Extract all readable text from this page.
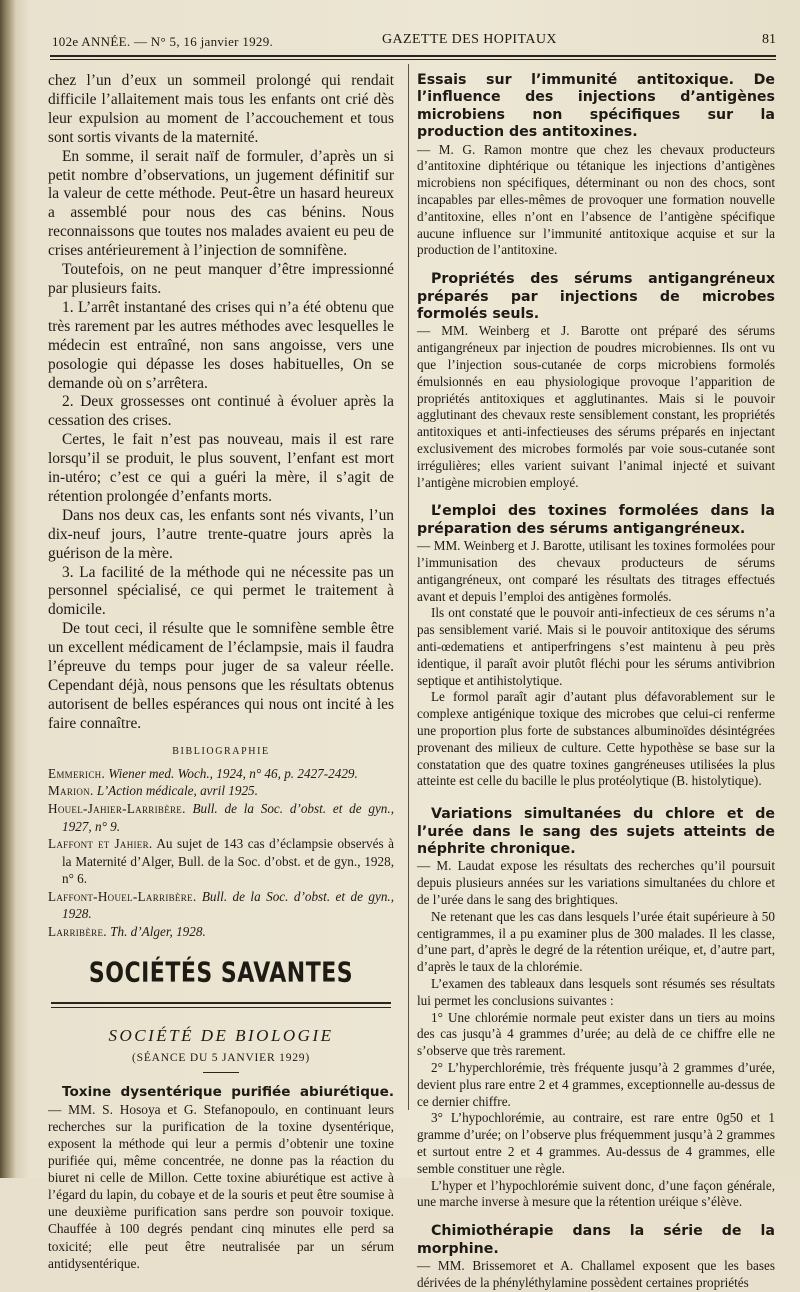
102e ANNÉE. — N° 5, 16 janvier 1929.	GAZETTE DES HOPITAUX	81

chez l’un d’eux un sommeil prolongé qui rendait difficile l’allaitement mais tous les enfants ont crié dès leur expulsion au moment de l’accouchement et tous sont sortis vivants de la maternité.

En somme, il serait naïf de formuler, d’après un si petit nombre d’observations, un jugement définitif sur la valeur de cette méthode. Peut-être un hasard heureux a assemblé pour nous des cas bénins. Nous reconnaissons que toutes nos malades avaient eu peu de crises antérieurement à l’injection de somnifène.

Toutefois, on ne peut manquer d’être impressionné par plusieurs faits.

1. L’arrêt instantané des crises qui n’a été obtenu que très rarement par les autres méthodes avec lesquelles le médecin est entraîné, non sans angoisse, vers une posologie qui dépasse les doses habituelles, On se demande où on s’arrêtera.

2. Deux grossesses ont continué à évoluer après la cessation des crises.

Certes, le fait n’est pas nouveau, mais il est rare lorsqu’il se produit, le plus souvent, l’enfant est mort in-utéro; c’est ce qui a guéri la mère, il s’agit de rétention prolongée d’enfants morts.

Dans nos deux cas, les enfants sont nés vivants, l’un dix-neuf jours, l’autre trente-quatre jours après la guérison de la mère.

3. La facilité de la méthode qui ne nécessite pas un personnel spécialisé, ce qui permet le traitement à domicile.

De tout ceci, il résulte que le somnifène semble être un excellent médicament de l’éclampsie, mais il faudra l’épreuve du temps pour juger de sa valeur réelle. Cependant déjà, nous pensons que les résultats obtenus autorisent de belles espérances qui nous ont incité à les faire connaître.

BIBLIOGRAPHIE

Emmerich. Wiener med. Woch., 1924, n° 46, p. 2427-2429.

Marion. L’Action médicale, avril 1925.

Houel-Jahier-Larribère. Bull. de la Soc. d’obst. et de gyn., 1927, n° 9.

Laffont et Jahier. Au sujet de 143 cas d’éclampsie observés à la Maternité d’Alger, Bull. de la Soc. d’obst. et de gyn., 1928, n° 6.

Laffont-Houel-Larribère. Bull. de la Soc. d’obst. et de gyn., 1928.

Larribère. Th. d’Alger, 1928.

SOCIÉTÉS SAVANTES
SOCIÉTÉ DE BIOLOGIE
(SÉANCE DU 5 JANVIER 1929)

Toxine dysentérique purifiée abiurétique. — MM. S. Hosoya et G. Stefanopoulo, en continuant leurs recherches sur la purification de la toxine dysentérique, exposent la méthode qui leur a permis d’obtenir une toxine purifiée qui, même concentrée, ne donne pas la réaction du biuret ni celle de Millon. Cette toxine abiurétique est active à l’égard du lapin, du cobaye et de la souris et peut être soumise à une deuxième purification sans perdre son pouvoir toxique. Chauffée à 100 degrés pendant cinq minutes elle perd sa toxicité; elle peut être neutralisée par un sérum antidysentérique.

Essais sur l’immunité antitoxique. De l’influence des injections d’antigènes microbiens non spécifiques sur la production des antitoxines.

— M. G. Ramon montre que chez les chevaux producteurs d’antitoxine diphtérique ou tétanique les injections d’antigènes microbiens non spécifiques, déterminant ou non des chocs, sont incapables par elles-mêmes de provoquer une formation nouvelle d’antitoxine, elles n’ont en l’absence de l’antigène spécifique aucune influence sur l’immunité antitoxique acquise et sur la production de l’antitoxine.

Propriétés des sérums antigangréneux préparés par injections de microbes formolés seuls.

— MM. Weinberg et J. Barotte ont préparé des sérums antigangréneux par injection de poudres microbiennes. Ils ont vu que l’injection sous-cutanée de corps microbiens formolés émulsionnés en eau physiologique provoque l’apparition de propriétés antitoxiques et agglutinantes. Mais si le pouvoir agglutinant des chevaux reste sensiblement constant, les propriétés antitoxiques et anti-infectieuses des sérums préparés en injectant exclusivement des microbes formolés par voie sous-cutanée sont irrégulières; elles varient suivant l’animal injecté et suivant l’antigène microbien employé.

L’emploi des toxines formolées dans la préparation des sérums antigangréneux.

— MM. Weinberg et J. Barotte, utilisant les toxines formolées pour l’immunisation des chevaux producteurs de sérums antigangréneux, ont comparé les résultats des titrages effectués avant et depuis l’emploi des antigènes formolés.

Ils ont constaté que le pouvoir anti-infectieux de ces sérums n’a pas sensiblement varié. Mais si le pouvoir antitoxique des sérums anti-œdematiens et antiperfringens s’est maintenu à peu près identique, il paraît avoir plutôt fléchi pour les sérums antivibrion septique et antihistolytique.

Le formol paraît agir d’autant plus défavorablement sur le complexe antigénique toxique des microbes que celui-ci renferme une proportion plus forte de substances albuminoïdes désintégrées provenant des milieux de culture. Cette hypothèse se base sur la constatation que des quatre toxines gangréneuses utilisées la plus atteinte est celle du bacille le plus protéolytique (B. histolytique).

Variations simultanées du chlore et de l’urée dans le sang des sujets atteints de néphrite chronique.

— M. Laudat expose les résultats des recherches qu’il poursuit depuis plusieurs années sur les variations simultanées du chlore et de l’urée dans le sang des brightiques.

Ne retenant que les cas dans lesquels l’urée était supérieure à 50 centigrammes, il a pu examiner plus de 300 malades. Il les classe, d’une part, d’après le degré de la rétention uréique, et, d’autre part, d’après le taux de la chlorémie.

L’examen des tableaux dans lesquels sont résumés ses résultats lui permet les conclusions suivantes :

1° Une chlorémie normale peut exister dans un tiers au moins des cas jusqu’à 4 grammes d’urée; au delà de ce chiffre elle ne s’observe que très rarement.

2° L’hyperchlorémie, très fréquente jusqu’à 2 grammes d’urée, devient plus rare entre 2 et 4 grammes, exceptionnelle au-dessus de ce dernier chiffre.

3° L’hypochlorémie, au contraire, est rare entre 0g50 et 1 gramme d’urée; on l’observe plus fréquemment jusqu’à 2 grammes et surtout entre 2 et 4 grammes. Au-dessus de 4 grammes, elle semble constituer une règle.

L’hyper et l’hypochlorémie suivent donc, d’une façon générale, une marche inverse à mesure que la rétention uréique s’élève.

Chimiothérapie dans la série de la morphine.

— MM. Brissemoret et A. Challamel exposent que les bases dérivées de la phényléthylamine possèdent certaines propriétés
